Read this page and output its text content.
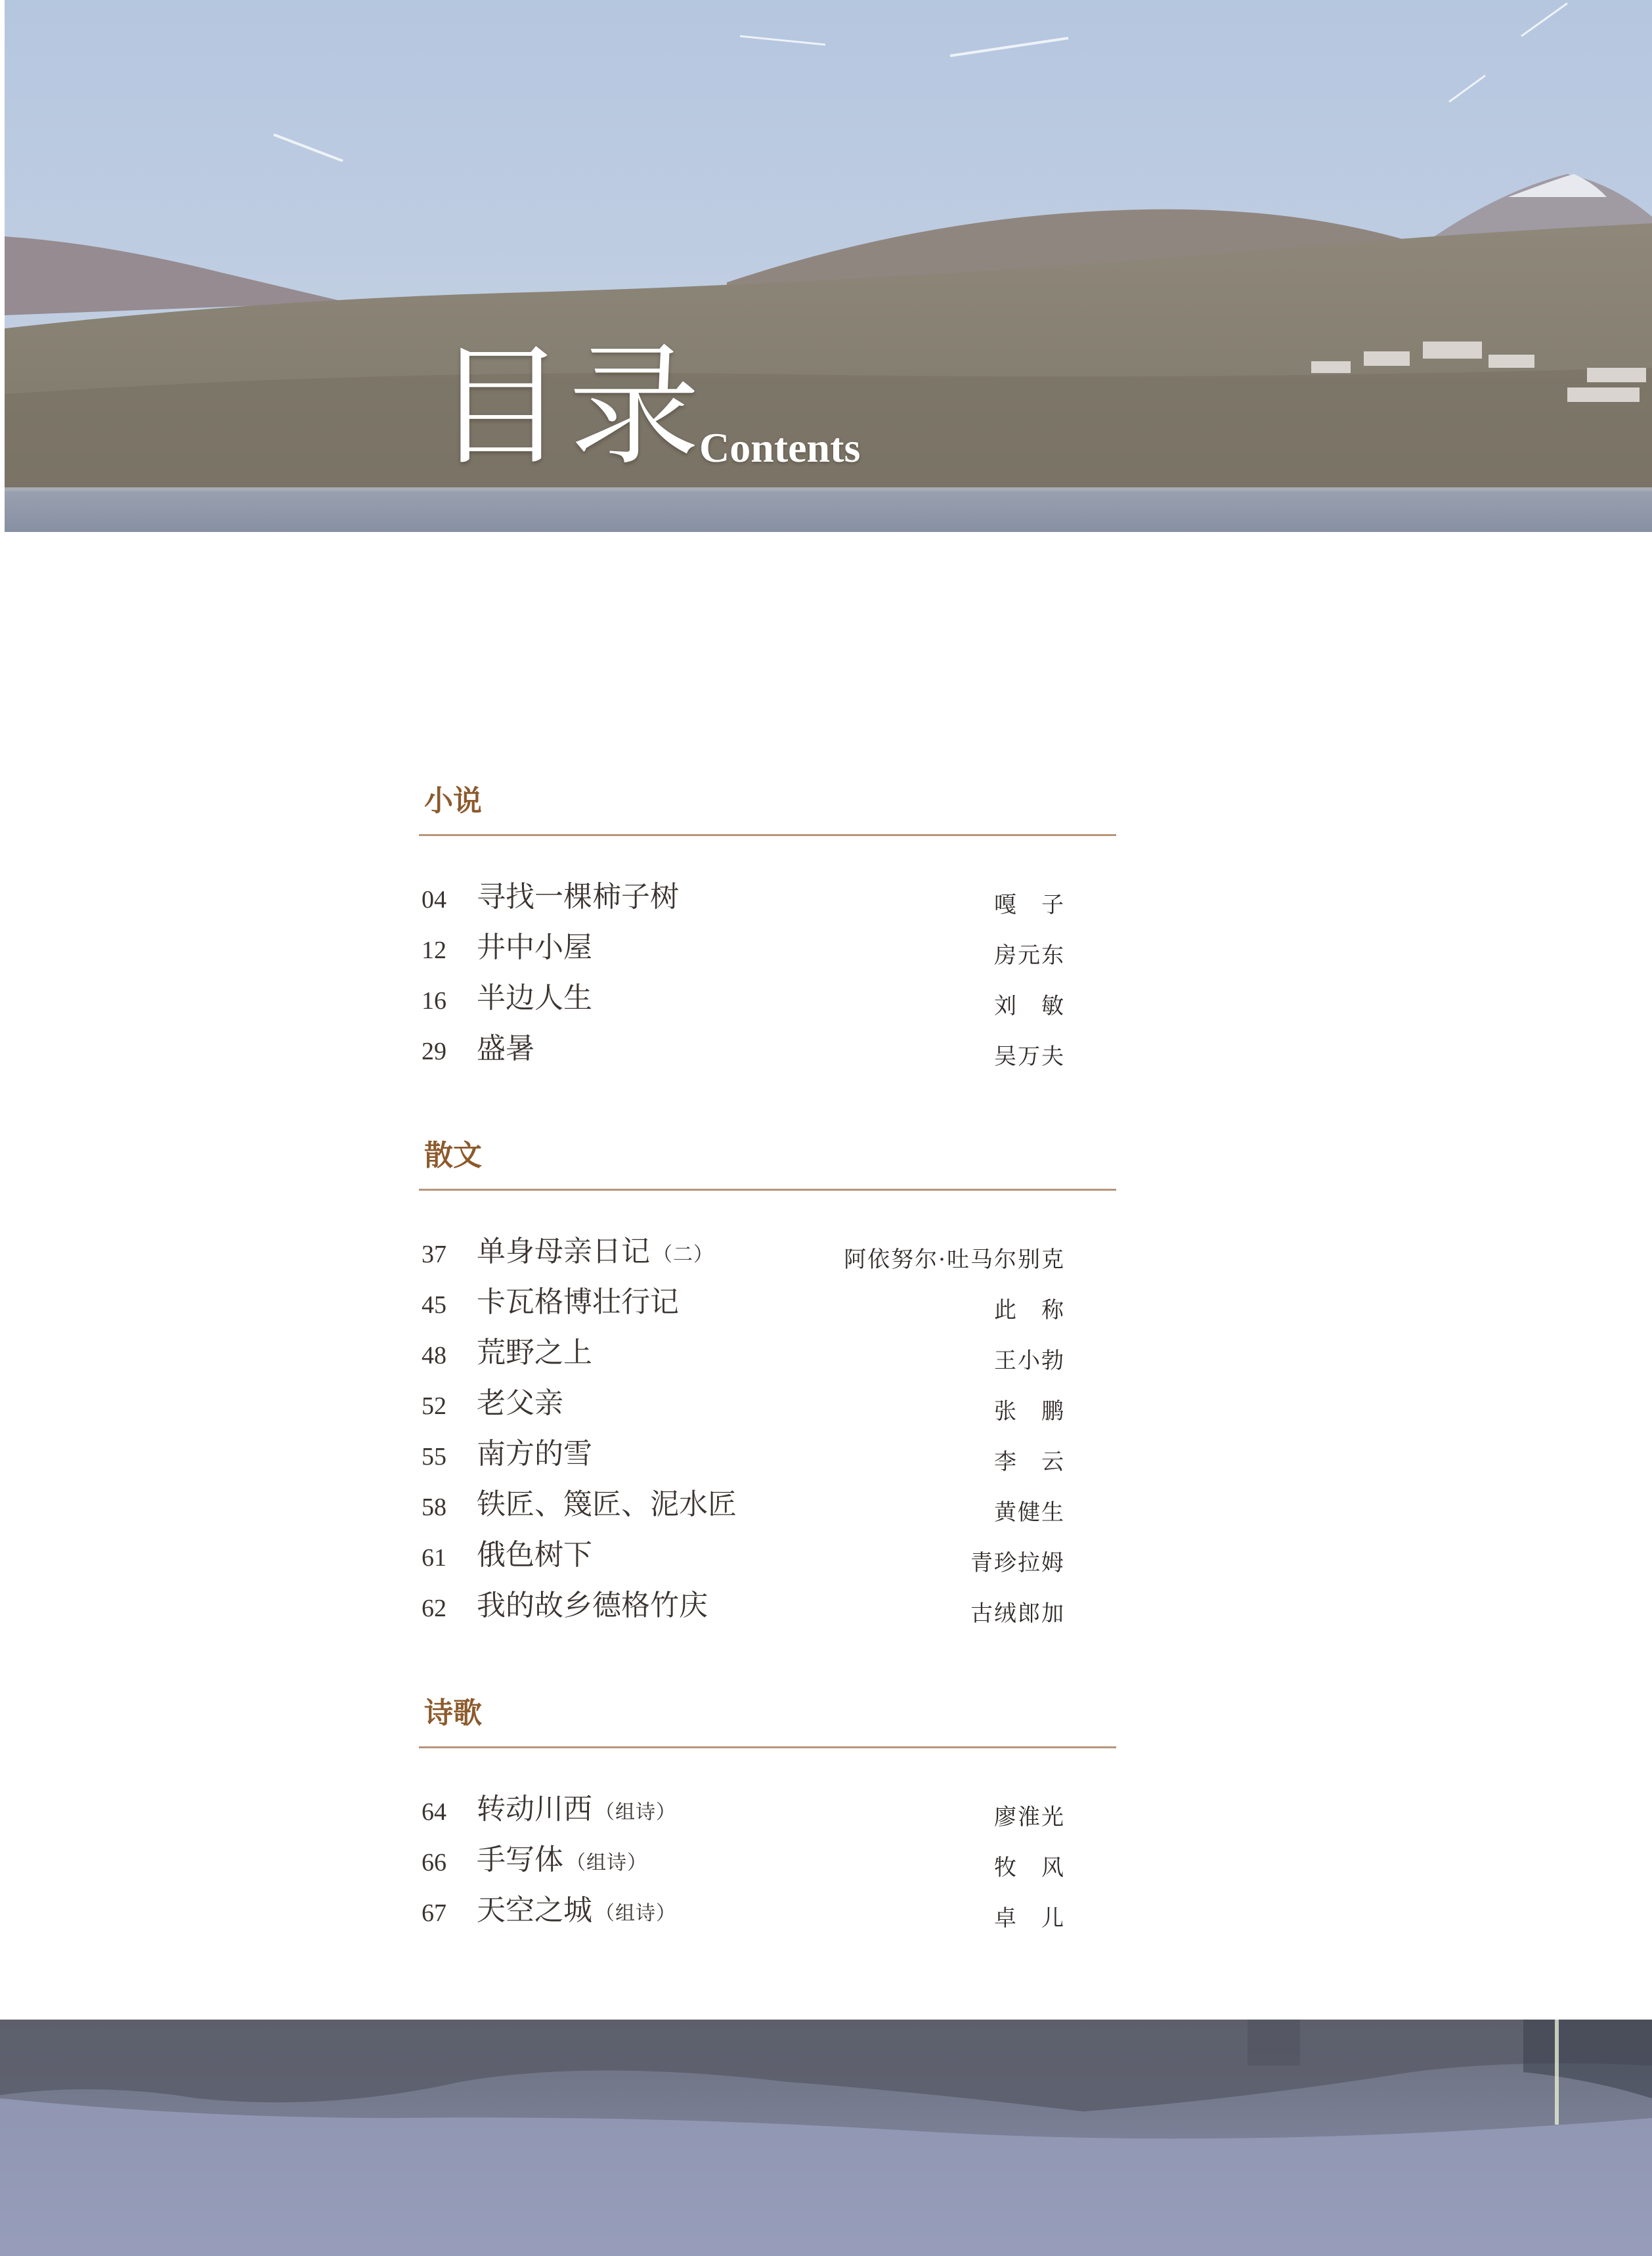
目录
Contents
小说
04 寻找一棵柿子树	嘎　子
12 井中小屋	房元东
16 半边人生	刘　敏
29 盛暑	吴万夫
散文
37 单身母亲日记 （二）	阿依努尔·吐马尔别克
45 卡瓦格博壮行记	此　称
48 荒野之上	王小勃
52 老父亲	张　鹏
55 南方的雪	李　云
58 铁匠、篾匠、泥水匠	黄健生
61 俄色树下	青珍拉姆
62 我的故乡德格竹庆	古绒郎加
诗歌
64 转动川西 （组诗）	廖淮光
66 手写体 （组诗）	牧　风
67 天空之城 （组诗）	卓　儿
